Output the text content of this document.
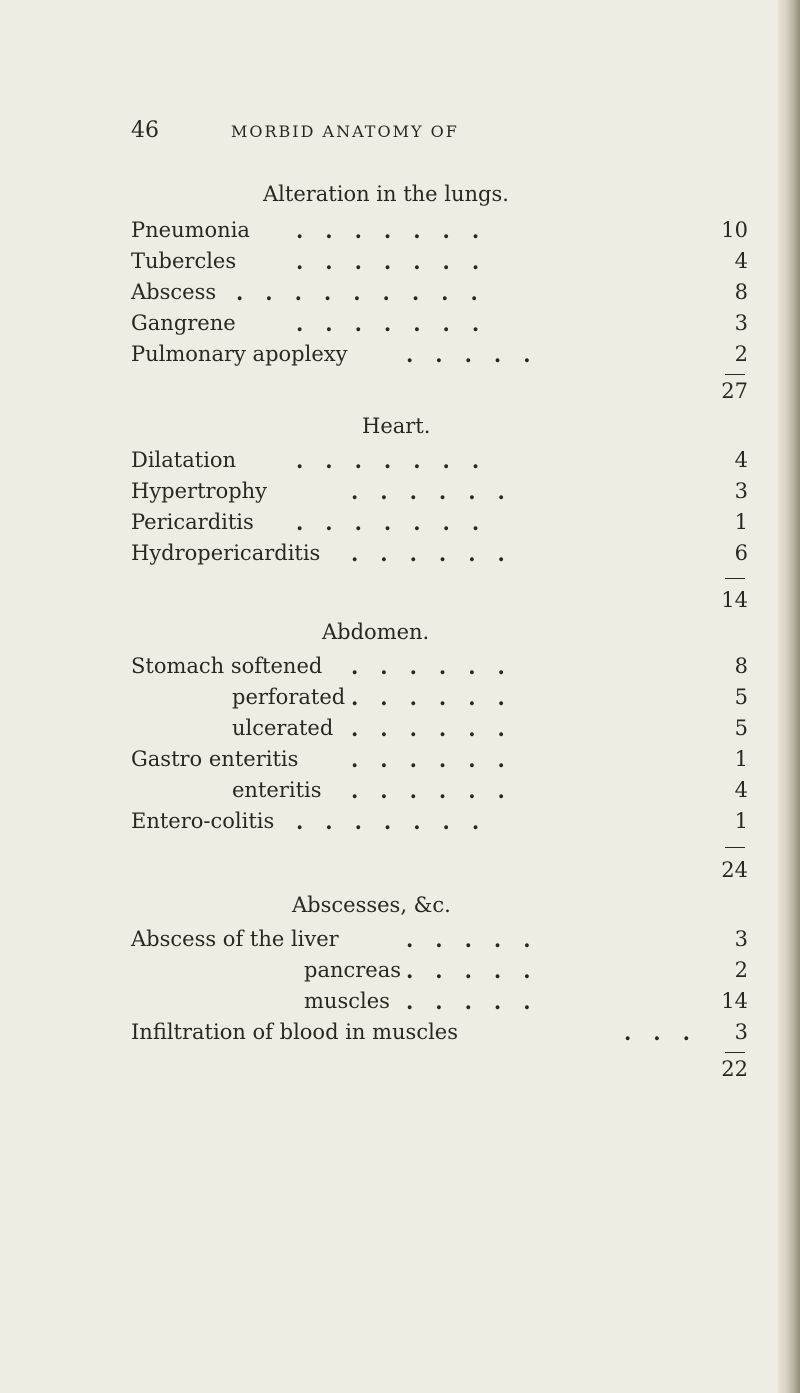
46	MORBID ANATOMY OF
Alteration in the lungs.
Pneumonia .......	10
Tubercles	.......	4
Abscess .........	8
Gangrene	.......	3
Pulmonary apoplexy	.....	2
27
Heart.
Dilatation	.......	4
Hypertrophy	......	3
Pericarditis .......	1
Hydropericarditis ......	6
14
Abdomen.
Stomach softened ......	8
perforated ......	5
ulcerated ......	5
Gastro enteritis	......	1
enteritis ......	4
Entero-colitis .......	1
24
Abscesses, &c.
Abscess of the liver	.....	3
pancreas .....	2
muscles .....	14
Infiltration of blood in muscles	... 3
22
